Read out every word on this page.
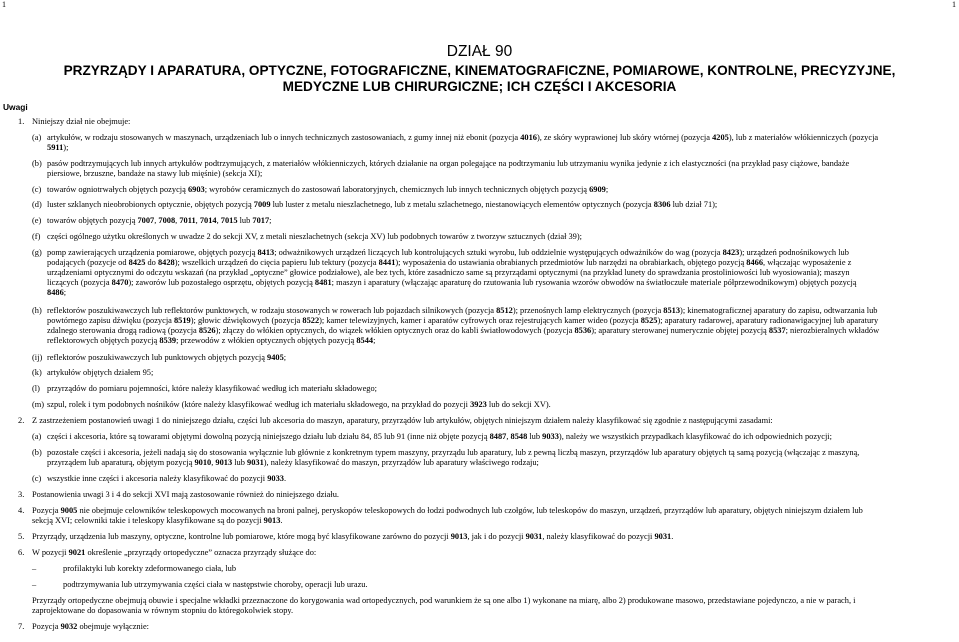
1	1
DZIAŁ 90
PRZYRZĄDY I APARATURA, OPTYCZNE, FOTOGRAFICZNE, KINEMATOGRAFICZNE, POMIAROWE, KONTROLNE, PRECYZYJNE,
MEDYCZNE LUB CHIRURGICZNE; ICH CZĘŚCI I AKCESORIA
Uwagi
1. Niniejszy dział nie obejmuje:
(a) artykułów, w rodzaju stosowanych w maszynach, urządzeniach lub o innych technicznych zastosowaniach, z gumy innej niż ebonit (pozycja 4016), ze skóry wyprawionej lub skóry wtórnej (pozycja 4205), lub z materiałów włókienniczych (pozycja
5911);
(b) pasów podtrzymujących lub innych artykułów podtrzymujących, z materiałów włókienniczych, których działanie na organ polegające na podtrzymaniu lub utrzymaniu wynika jedynie z ich elastyczności (na przykład pasy ciążowe, bandaże
piersiowe, brzuszne, bandaże na stawy lub mięśnie) (sekcja XI);
(c) towarów ogniotrwałych objętych pozycją 6903; wyrobów ceramicznych do zastosowań laboratoryjnych, chemicznych lub innych technicznych objętych pozycją 6909;
(d) luster szklanych nieobrobionych optycznie, objętych pozycją 7009 lub luster z metalu nieszlachetnego, lub z metalu szlachetnego, niestanowiących elementów optycznych (pozycja 8306 lub dział 71);
(e) towarów objętych pozycją 7007, 7008, 7011, 7014, 7015 lub 7017;
(f) części ogólnego użytku określonych w uwadze 2 do sekcji XV, z metali nieszlachetnych (sekcja XV) lub podobnych towarów z tworzyw sztucznych (dział 39);
(g) pomp zawierających urządzenia pomiarowe, objętych pozycją 8413; odważnikowych urządzeń liczących lub kontrolujących sztuki wyrobu, lub oddzielnie występujących odważników do wag (pozycja 8423); urządzeń podnośnikowych lub
podających (pozycje od 8425 do 8428); wszelkich urządzeń do cięcia papieru lub tektury (pozycja 8441); wyposażenia do ustawiania obrabianych przedmiotów lub narzędzi na obrabiarkach, objętego pozycją 8466, włączając wyposażenie z
urządzeniami optycznymi do odczytu wskazań (na przykład „optyczne” głowice podziałowe), ale bez tych, które zasadniczo same są przyrządami optycznymi (na przykład lunety do sprawdzania prostoliniowości lub wyosiowania); maszyn
liczących (pozycja 8470); zaworów lub pozostałego osprzętu, objętych pozycją 8481; maszyn i aparatury (włączając aparaturę do rzutowania lub rysowania wzorów obwodów na światłoczułe materiale półprzewodnikowym) objętych pozycją
8486;
(h) reflektorów poszukiwawczych lub reflektorów punktowych, w rodzaju stosowanych w rowerach lub pojazdach silnikowych (pozycja 8512); przenośnych lamp elektrycznych (pozycja 8513); kinematograficznej aparatury do zapisu, odtwarzania lub
powtórnego zapisu dźwięku (pozycja 8519); głowic dźwiękowych (pozycja 8522); kamer telewizyjnych, kamer i aparatów cyfrowych oraz rejestrujących kamer wideo (pozycja 8525); aparatury radarowej, aparatury radionawigacyjnej lub aparatury
zdalnego sterowania drogą radiową (pozycja 8526); złączy do włókien optycznych, do wiązek włókien optycznych oraz do kabli światłowodowych (pozycja 8536); aparatury sterowanej numerycznie objętej pozycją 8537; nierozbieralnych wkładów
reflektorowych objętych pozycją 8539; przewodów z włókien optycznych objętych pozycją 8544;
(ij) reflektorów poszukiwawczych lub punktowych objętych pozycją 9405;
(k) artykułów objętych działem 95;
(l) przyrządów do pomiaru pojemności, które należy klasyfikować według ich materiału składowego;
(m) szpul, rolek i tym podobnych nośników (które należy klasyfikować według ich materiału składowego, na przykład do pozycji 3923 lub do sekcji XV).
2. Z zastrzeżeniem postanowień uwagi 1 do niniejszego działu, części lub akcesoria do maszyn, aparatury, przyrządów lub artykułów, objętych niniejszym działem należy klasyfikować się zgodnie z następującymi zasadami:
(a) części i akcesoria, które są towarami objętymi dowolną pozycją niniejszego działu lub działu 84, 85 lub 91 (inne niż objęte pozycją 8487, 8548 lub 9033), należy we wszystkich przypadkach klasyfikować do ich odpowiednich pozycji;
(b) pozostałe części i akcesoria, jeżeli nadają się do stosowania wyłącznie lub głównie z konkretnym typem maszyny, przyrządu lub aparatury, lub z pewną liczbą maszyn, przyrządów lub aparatury objętych tą samą pozycją (włączając z maszyną,
przyrządem lub aparaturą, objętym pozycją 9010, 9013 lub 9031), należy klasyfikować do maszyn, przyrządów lub aparatury właściwego rodzaju;
(c) wszystkie inne części i akcesoria należy klasyfikować do pozycji 9033.
3. Postanowienia uwagi 3 i 4 do sekcji XVI mają zastosowanie również do niniejszego działu.
4. Pozycja 9005 nie obejmuje celowników teleskopowych mocowanych na broni palnej, peryskopów teleskopowych do łodzi podwodnych lub czołgów, lub teleskopów do maszyn, urządzeń, przyrządów lub aparatury, objętych niniejszym działem lub
sekcją XVI; celowniki takie i teleskopy klasyfikowane są do pozycji 9013.
5. Przyrządy, urządzenia lub maszyny, optyczne, kontrolne lub pomiarowe, które mogą być klasyfikowane zarówno do pozycji 9013, jak i do pozycji 9031, należy klasyfikować do pozycji 9031.
6. W pozycji 9021 określenie „przyrządy ortopedyczne” oznacza przyrządy służące do:
–	profilaktyki lub korekty zdeformowanego ciała, lub
–	podtrzymywania lub utrzymywania części ciała w następstwie choroby, operacji lub urazu.
Przyrządy ortopedyczne obejmują obuwie i specjalne wkładki przeznaczone do korygowania wad ortopedycznych, pod warunkiem że są one albo 1) wykonane na miarę, albo 2) produkowane masowo, przedstawiane pojedynczo, a nie w parach, i
zaprojektowane do dopasowania w równym stopniu do któregokolwiek stopy.
7. Pozycja 9032 obejmuje wyłącznie:
